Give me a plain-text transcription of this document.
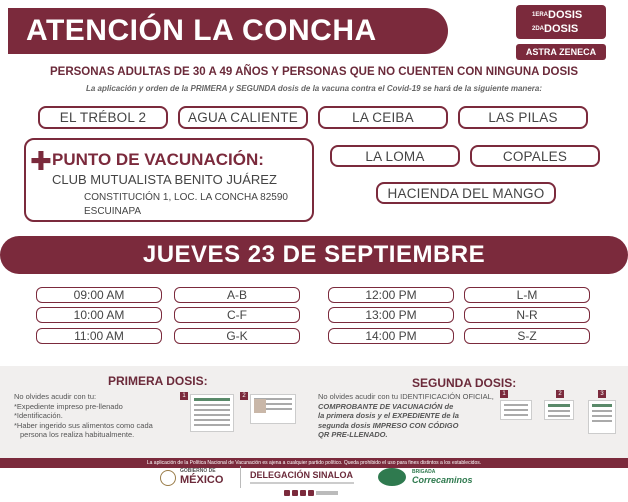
ATENCIÓN LA CONCHA	$^{1ERA}$DOSIS
$^{2DA}$DOSIS
ASTRA ZENECA
PERSONAS ADULTAS DE 30 A 49 AÑOS Y PERSONAS QUE NO CUENTEN CON NINGUNA DOSIS
La aplicación y orden de la PRIMERA y SEGUNDA dosis de la vacuna contra el Covid-19 se hará de la siguiente manera:
EL TRÉBOL 2	AGUA CALIENTE	LA CEIBA	LAS PILAS
✚ PUNTO DE VACUNACIÓN:
CLUB MUTUALISTA BENITO JUÁREZ
CONSTITUCIÓN 1, LOC. LA CONCHA 82590
ESCUINAPA
LA LOMA	COPALES
HACIENDA DEL MANGO
JUEVES 23 DE SEPTIEMBRE
09:00 AM	A-B
10:00 AM	C-F
11:00 AM	G-K
12:00 PM	L-M
13:00 PM	N-R
14:00 PM	S-Z
PRIMERA DOSIS:
No olvides acudir con tu:
*Expediente impreso pre-llenado
*Identificación.
*Haber ingerido sus alimentos como cada
persona los realiza habitualmente.
1	2
SEGUNDA DOSIS:
No olvides acudir con tu IDENTIFICACIÓN OFICIAL,
COMPROBANTE DE VACUNACIÓN de
la primera dosis y el EXPEDIENTE de la
segunda dosis IMPRESO CON CÓDIGO
QR PRE-LLENADO.
1	2	3
La aplicación de la Política Nacional de Vacunación es ajena a cualquier partido político. Queda prohibido el uso para fines distintos a los establecidos.
GOBIERNO DE
MÉXICO	DELEGACIÓN SINALOA	BRIGADA
Correcaminos
